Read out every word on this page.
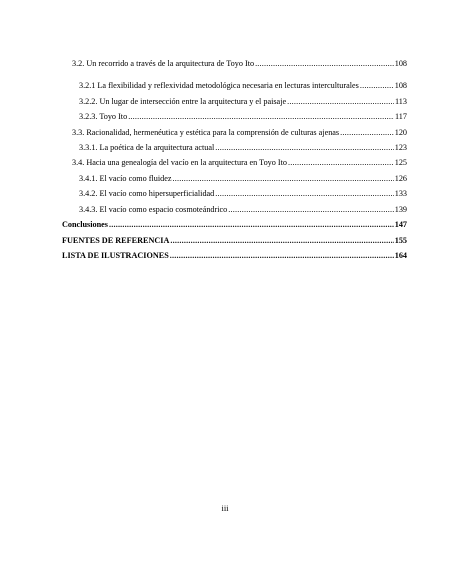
3.2. Un recorrido a través de la arquitectura de Toyo Ito .....	108
3.2.1 La flexibilidad y reflexividad metodológica necesaria en lecturas interculturales .....	108
3.2.2. Un lugar de intersección entre la arquitectura y el paisaje .....	113
3.2.3. Toyo Ito .....	117
3.3. Racionalidad, hermenéutica y estética para la comprensión de culturas ajenas .....	120
3.3.1. La poética de la arquitectura actual .....	123
3.4. Hacia una genealogía del vacío en la arquitectura en Toyo Ito .....	125
3.4.1. El vacío como fluidez .....	126
3.4.2. El vacío como hipersuperficialidad .....	133
3.4.3. El vacío como espacio cosmoteándrico .....	139
Conclusiones .....	147
FUENTES DE REFERENCIA .....	155
LISTA DE ILUSTRACIONES .....	164
iii
